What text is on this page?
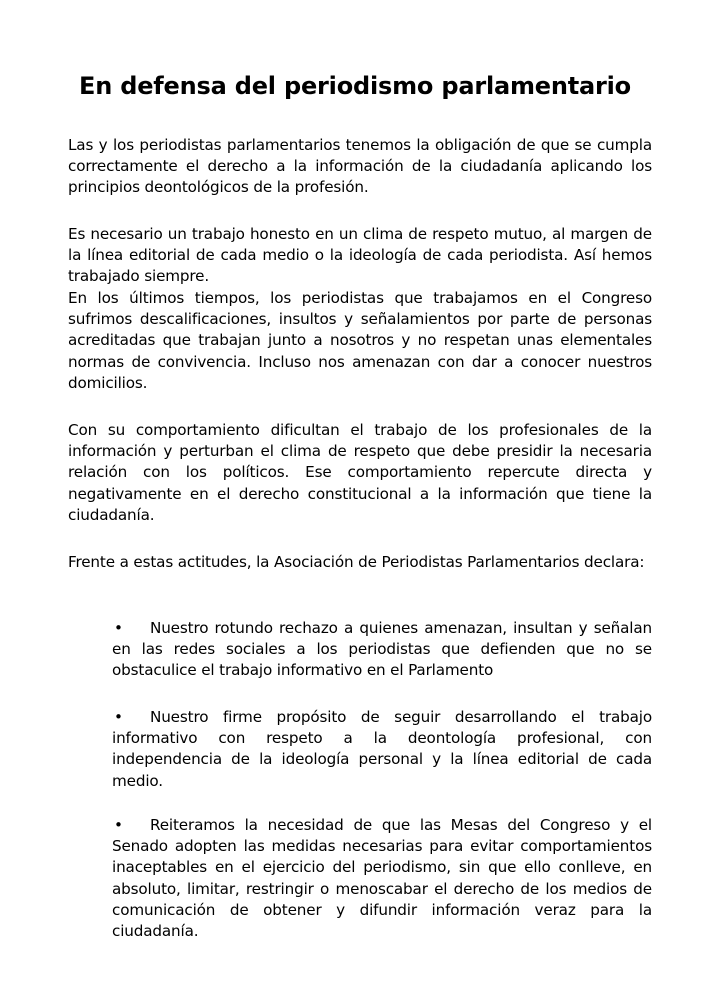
En defensa del periodismo parlamentario

Las y los periodistas parlamentarios tenemos la obligación de que se cumpla correctamente el derecho a la información de la ciudadanía aplicando los principios deontológicos de la profesión.

Es necesario un trabajo honesto en un clima de respeto mutuo, al margen de la línea editorial de cada medio o la ideología de cada periodista. Así hemos trabajado siempre.

En los últimos tiempos, los periodistas que trabajamos en el Congreso sufrimos descalificaciones, insultos y señalamientos por parte de personas acreditadas que trabajan junto a nosotros y no respetan unas elementales normas de convivencia. Incluso nos amenazan con dar a conocer nuestros domicilios.

Con su comportamiento dificultan el trabajo de los profesionales de la información y perturban el clima de respeto que debe presidir la necesaria relación con los políticos. Ese comportamiento repercute directa y negativamente en el derecho constitucional a la información que tiene la ciudadanía.

Frente a estas actitudes, la Asociación de Periodistas Parlamentarios declara:

• Nuestro rotundo rechazo a quienes amenazan, insultan y señalan en las redes sociales a los periodistas que defienden que no se obstaculice el trabajo informativo en el Parlamento

• Nuestro firme propósito de seguir desarrollando el trabajo informativo con respeto a la deontología profesional, con independencia de la ideología personal y la línea editorial de cada medio.

• Reiteramos la necesidad de que las Mesas del Congreso y el Senado adopten las medidas necesarias para evitar comportamientos inaceptables en el ejercicio del periodismo, sin que ello conlleve, en absoluto, limitar, restringir o menoscabar el derecho de los medios de comunicación de obtener y difundir información veraz para la ciudadanía.
